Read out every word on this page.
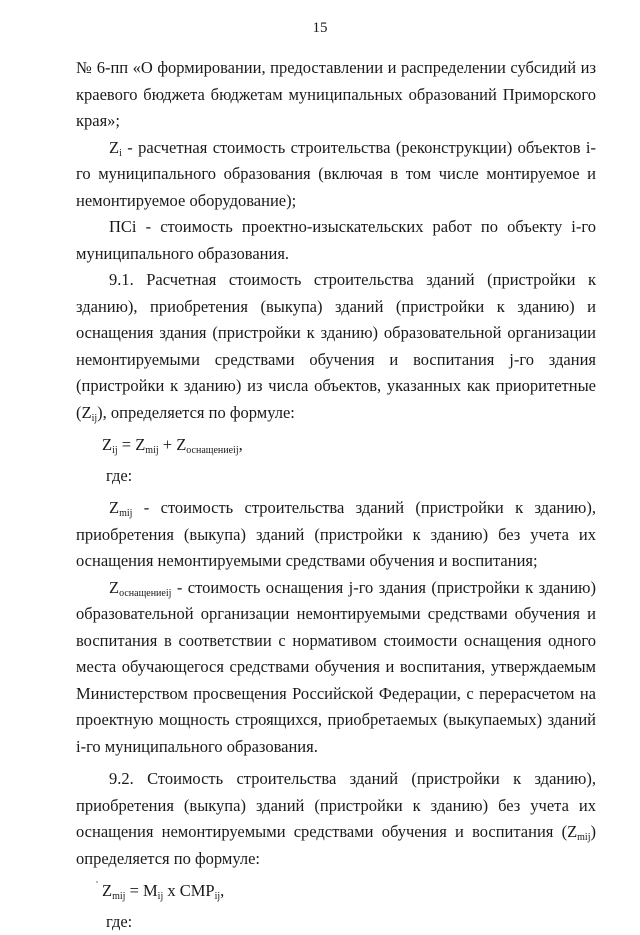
15

№ 6-пп «О формировании, предоставлении и распределении субсидий из краевого бюджета бюджетам муниципальных образований Приморского края»;

$Z_i$ - расчетная стоимость строительства (реконструкции) объектов i-го муниципального образования (включая в том числе монтируемое и немонтируемое оборудование);

ПСi - стоимость проектно-изыскательских работ по объекту i-го муниципального образования.

9.1. Расчетная стоимость строительства зданий (пристройки к зданию), приобретения (выкупа) зданий (пристройки к зданию) и оснащения здания (пристройки к зданию) образовательной организации немонтируемыми средствами обучения и воспитания j-го здания (пристройки к зданию) из числа объектов, указанных как приоритетные $(Z_{ij})$, определяется по формуле:

$Z_{ij} = Z_{mij} + Z_{оснащениеij}$,

где:

$Z_{mij}$ - стоимость строительства зданий (пристройки к зданию), приобретения (выкупа) зданий (пристройки к зданию) без учета их оснащения немонтируемыми средствами обучения и воспитания;

$Z_{оснащениеij}$ - стоимость оснащения j-го здания (пристройки к зданию) образовательной организации немонтируемыми средствами обучения и воспитания в соответствии с нормативом стоимости оснащения одного места обучающегося средствами обучения и воспитания, утверждаемым Министерством просвещения Российской Федерации, с перерасчетом на проектную мощность строящихся, приобретаемых (выкупаемых) зданий i-го муниципального образования.

9.2. Стоимость строительства зданий (пристройки к зданию), приобретения (выкупа) зданий (пристройки к зданию) без учета их оснащения немонтируемыми средствами обучения и воспитания $(Z_{mij})$ определяется по формуле:

$Z_{mij} = M_{ij}$ x $СМР_{ij}$,

где:
